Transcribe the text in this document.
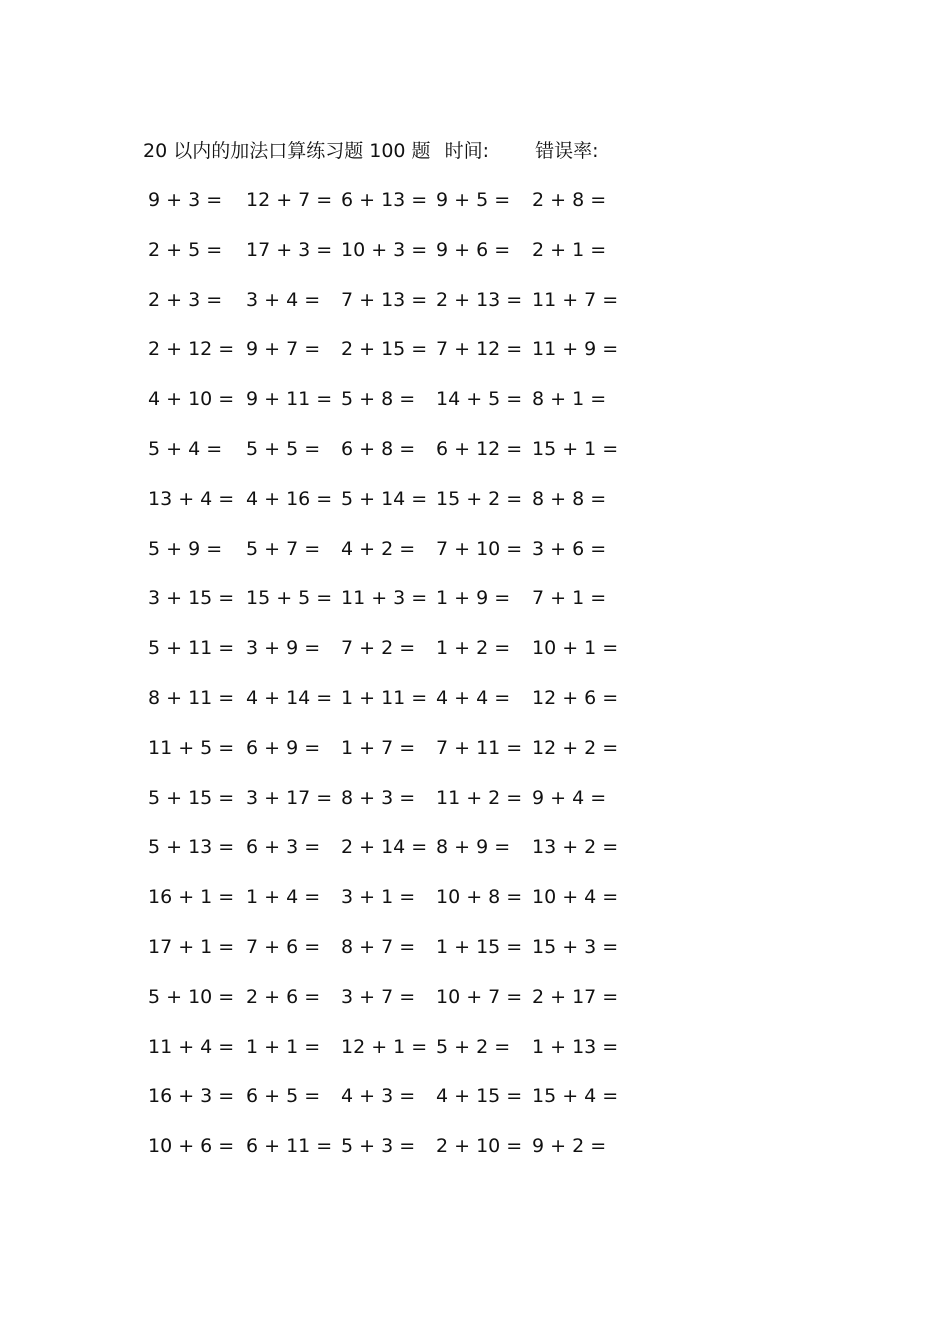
20 以内的加法口算练习题 100 题 时间: 错误率:
9 + 3 = 12 + 7 = 6 + 13 = 9 + 5 = 2 + 8 =
2 + 5 = 17 + 3 = 10 + 3 = 9 + 6 = 2 + 1 =
2 + 3 = 3 + 4 = 7 + 13 = 2 + 13 = 11 + 7 =
2 + 12 = 9 + 7 = 2 + 15 = 7 + 12 = 11 + 9 =
4 + 10 = 9 + 11 = 5 + 8 = 14 + 5 = 8 + 1 =
5 + 4 = 5 + 5 = 6 + 8 = 6 + 12 = 15 + 1 =
13 + 4 = 4 + 16 = 5 + 14 = 15 + 2 = 8 + 8 =
5 + 9 = 5 + 7 = 4 + 2 = 7 + 10 = 3 + 6 =
3 + 15 = 15 + 5 = 11 + 3 = 1 + 9 = 7 + 1 =
5 + 11 = 3 + 9 = 7 + 2 = 1 + 2 = 10 + 1 =
8 + 11 = 4 + 14 = 1 + 11 = 4 + 4 = 12 + 6 =
11 + 5 = 6 + 9 = 1 + 7 = 7 + 11 = 12 + 2 =
5 + 15 = 3 + 17 = 8 + 3 = 11 + 2 = 9 + 4 =
5 + 13 = 6 + 3 = 2 + 14 = 8 + 9 = 13 + 2 =
16 + 1 = 1 + 4 = 3 + 1 = 10 + 8 = 10 + 4 =
17 + 1 = 7 + 6 = 8 + 7 = 1 + 15 = 15 + 3 =
5 + 10 = 2 + 6 = 3 + 7 = 10 + 7 = 2 + 17 =
11 + 4 = 1 + 1 = 12 + 1 = 5 + 2 = 1 + 13 =
16 + 3 = 6 + 5 = 4 + 3 = 4 + 15 = 15 + 4 =
10 + 6 = 6 + 11 = 5 + 3 = 2 + 10 = 9 + 2 =
